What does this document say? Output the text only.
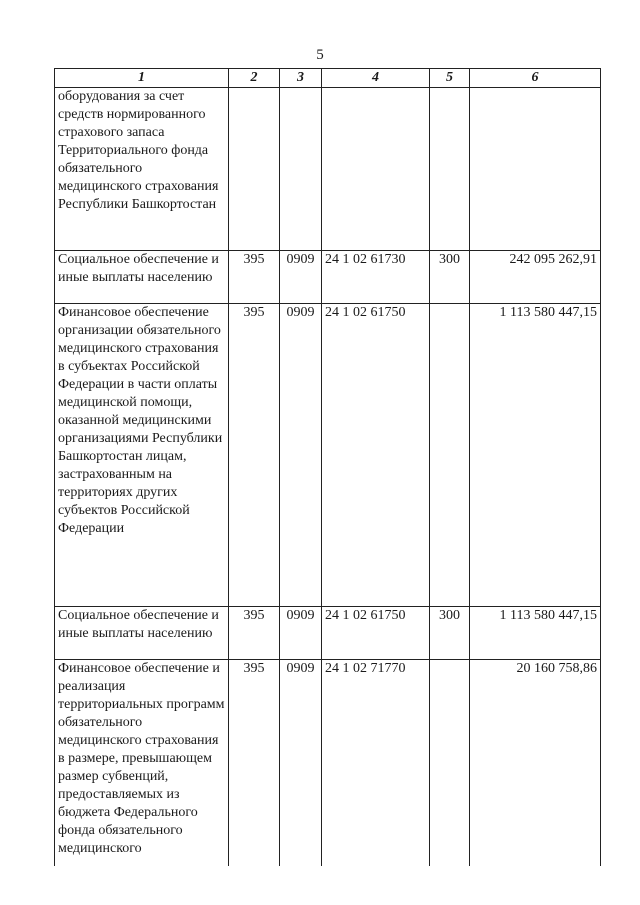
5
1	2	3	4	5	6
оборудования за счет средств нормированного страхового запаса Территориального фонда обязательного медицинского страхования Республики Башкортостан					
Социальное обеспечение и иные выплаты населению	395	0909	24 1 02 61730	300	242 095 262,91
Финансовое обеспечение организации обязательного медицинского страхования в субъектах Российской Федерации в части оплаты медицинской помощи, оказанной медицинскими организациями Республики Башкортостан лицам, застрахованным на территориях других субъектов Российской Федерации	395	0909	24 1 02 61750		1 113 580 447,15
Социальное обеспечение и иные выплаты населению	395	0909	24 1 02 61750	300	1 113 580 447,15
Финансовое обеспечение и реализация территориальных программ обязательного медицинского страхования в размере, превышающем размер субвенций, предоставляемых из бюджета Федерального фонда обязательного медицинского	395	0909	24 1 02 71770		20 160 758,86
